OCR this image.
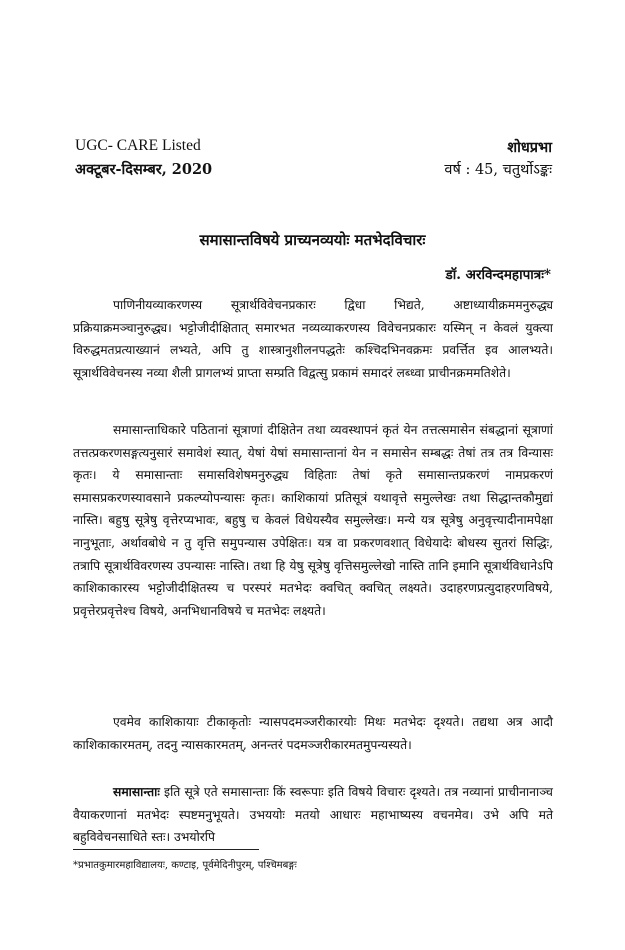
UGC- CARE Listed	शोधप्रभा
अक्टूबर-दिसम्बर, 2020	वर्ष : 45, चतुर्थोऽङ्कः
समासान्तविषये प्राच्यनव्ययोः मतभेदविचारः
डॉ. अरविन्दमहापात्रः*

पाणिनीयव्याकरणस्य सूत्रार्थविवेचनप्रकारः द्विधा भिद्यते, अष्टाध्यायीक्रममनुरुद्ध्य प्रक्रियाक्रमञ्चानुरुद्ध्य। भट्टोजीदीक्षितात् समारभत नव्यव्याकरणस्य विवेचनप्रकारः यस्मिन् न केवलं युक्त्या विरुद्धमतप्रत्याख्यानं लभ्यते, अपि तु शास्त्रानुशीलनपद्धतेः कश्चिदभिनवक्रमः प्रवर्त्तित इव आलभ्यते। सूत्रार्थविवेचनस्य नव्या शैली प्रागलभ्यं प्राप्ता सम्प्रति विद्वत्सु प्रकामं समादरं लब्ध्वा प्राचीनक्रममतिशेते।

समासान्ताधिकारे पठितानां सूत्राणां दीक्षितेन तथा व्यवस्थापनं कृतं येन तत्तत्समासेन संबद्धानां सूत्राणां तत्तत्प्रकरणसङ्गत्यनुसारं समावेशं स्यात्, येषां येषां समासान्तानां येन न समासेन सम्बद्धः तेषां तत्र तत्र विन्यासः कृतः। ये समासान्ताः समासविशेषमनुरुद्ध्य विहिताः तेषां कृते समासान्तप्रकरणं नामप्रकरणं समासप्रकरणस्यावसाने प्रकल्प्योपन्यासः कृतः। काशिकायां प्रतिसूत्रं यथावृत्ते समुल्लेखः तथा सिद्धान्तकौमुद्यां नास्ति। बहुषु सूत्रेषु वृत्तेरप्यभावः, बहुषु च केवलं विधेयस्यैव समुल्लेखः। मन्ये यत्र सूत्रेषु अनुवृत्त्यादीनामपेक्षा नानुभूताः, अर्थावबोधे न तु वृत्ति समुपन्यास उपेक्षितः। यत्र वा प्रकरणवशात् विधेयादेः बोधस्य सुतरां सिद्धिः, तत्रापि सूत्रार्थविवरणस्य उपन्यासः नास्ति। तथा हि येषु सूत्रेषु वृत्तिसमुल्लेखो नास्ति तानि इमानि सूत्रार्थविधानेऽपि काशिकाकारस्य भट्टोजीदीक्षितस्य च परस्परं मतभेदः क्वचित् क्वचित् लक्ष्यते। उदाहरणप्रत्युदाहरणविषये, प्रवृत्तेरप्रवृत्तेश्च विषये, अनभिधानविषये च मतभेदः लक्ष्यते।

एवमेव काशिकायाः टीकाकृतोः न्यासपदमञ्जरीकारयोः मिथः मतभेदः दृश्यते। तद्यथा अत्र आदौ काशिकाकारमतम्, तदनु न्यासकारमतम्, अनन्तरं पदमञ्जरीकारमतमुपन्यस्यते।

समासान्ताः इति सूत्रे एते समासान्ताः किं स्वरूपाः इति विषये विचारः दृश्यते। तत्र नव्यानां प्राचीनानाञ्च वैयाकरणानां मतभेदः स्पष्टमनुभूयते। उभययोः मतयो आधारः महाभाष्यस्य वचनमेव। उभे अपि मते बहुविवेचनसाधिते स्तः। उभयोरपि

*प्रभातकुमारमहाविद्यालयः, कण्टाइ, पूर्वमेदिनीपुरम्, पश्चिमबङ्गः
